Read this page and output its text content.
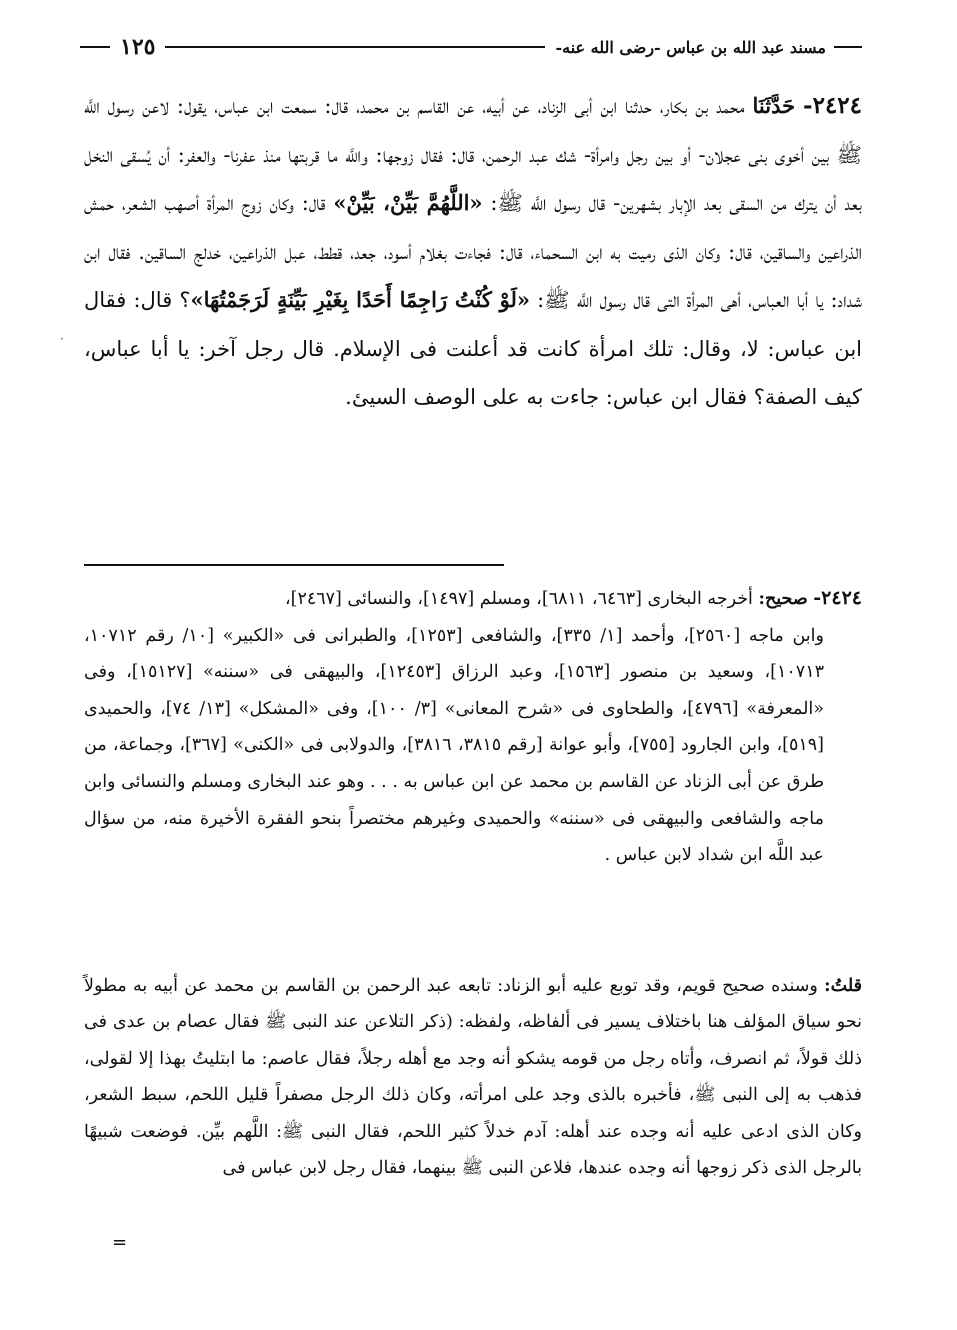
مسند عبد الله بن عباس -رضى الله عنه-
١٢٥
٢٤٢٤- حَدَّثَنَا محمد بن بكار، حدثنا ابن أبى الزناد، عن أبيه، عن القاسم بن محمد، قال: سمعت ابن عباس، يقول: لاعن رسول اللَّه ﷺ بين أخوى بنى عجلان- أو بين رجل وامرأة- شك عبد الرحمن، قال: فقال زوجها: واللَّه ما قربتها منذ عفرنا- والعفر: أن يُسقى النخل بعد أن يترك من السقى بعد الإبار بشهرين- قال رسول اللَّه ﷺ: «اللَّهُمَّ بَيِّنْ، بَيِّنْ» قال: وكان زوج المرأة أصهب الشعر، حمش الذراعين والساقين، قال: وكان الذى رميت به ابن السحماء، قال: فجاءت بغلام أسود، جعد، قطط، عبل الذراعين، خدلج الساقين. فقال ابن شداد: يا أبا العباس، أهى المرأة التى قال رسول اللَّه ﷺ: «لَوْ كُنْتُ رَاجِمًا أَحَدًا بِغَيْرِ بَيِّنَةٍ لَرَجَمْتُهَا»؟ قال: فقال ابن عباس: لا، وقال: تلك امرأة كانت قد أعلنت فى الإسلام. قال رجل آخر: يا أبا عباس، كيف الصفة؟ فقال ابن عباس: جاءت به على الوصف السيئ.
٢٤٢٤- صحيح: أخرجه البخارى [٦٤٦٣، ٦٨١١]، ومسلم [١٤٩٧]، والنسائى [٢٤٦٧]،
وابن ماجه [٢٥٦٠]، وأحمد [١/ ٣٣٥]، والشافعى [١٢٥٣]، والطبرانى فى «الكبير» [١٠/ رقم ١٠٧١٢، ١٠٧١٣]، وسعيد بن منصور [١٥٦٣]، وعبد الرزاق [١٢٤٥٣]، والبيهقى فى «سننه» [١٥١٢٧]، وفى «المعرفة» [٤٧٩٦]، والطحاوى فى «شرح المعانى» [٣/ ١٠٠]، وفى «المشكل» [١٣/ ٧٤]، والحميدى [٥١٩]، وابن الجارود [٧٥٥]، وأبو عوانة [رقم ٣٨١٥، ٣٨١٦]، والدولابى فى «الكنى» [٣٦٧]، وجماعة، من طرق عن أبى الزناد عن القاسم بن محمد عن ابن عباس به . . . وهو عند البخارى ومسلم والنسائى وابن ماجه والشافعى والبيهقى فى «سننه» والحميدى وغيرهم مختصراً بنحو الفقرة الأخيرة منه، من سؤال عبد اللَّه ابن شداد لابن عباس .
قلتُ: وسنده صحيح قويم، وقد توبع عليه أبو الزناد: تابعه عبد الرحمن بن القاسم بن محمد عن أبيه به مطولاً نحو سياق المؤلف هنا باختلاف يسير فى ألفاظه، ولفظه: (ذكر التلاعن عند النبى ﷺ فقال عصام بن عدى فى ذلك قولاً، ثم انصرف، وأتاه رجل من قومه يشكو أنه وجد مع أهله رجلاً، فقال عاصم: ما ابتليتُ بهذا إلا لقولى، فذهب به إلى النبى ﷺ، فأخبره بالذى وجد على امرأته، وكان ذلك الرجل مصفراً قليل اللحم، سبط الشعر، وكان الذى ادعى عليه أنه وجده عند أهله: آدم خدلاً كثير اللحم، فقال النبى ﷺ: اللَّهم بيِّن. فوضعت شبيهًا بالرجل الذى ذكر زوجها أنه وجده عندها، فلاعن النبى ﷺ بينهما، فقال رجل لابن عباس فى
=
·
